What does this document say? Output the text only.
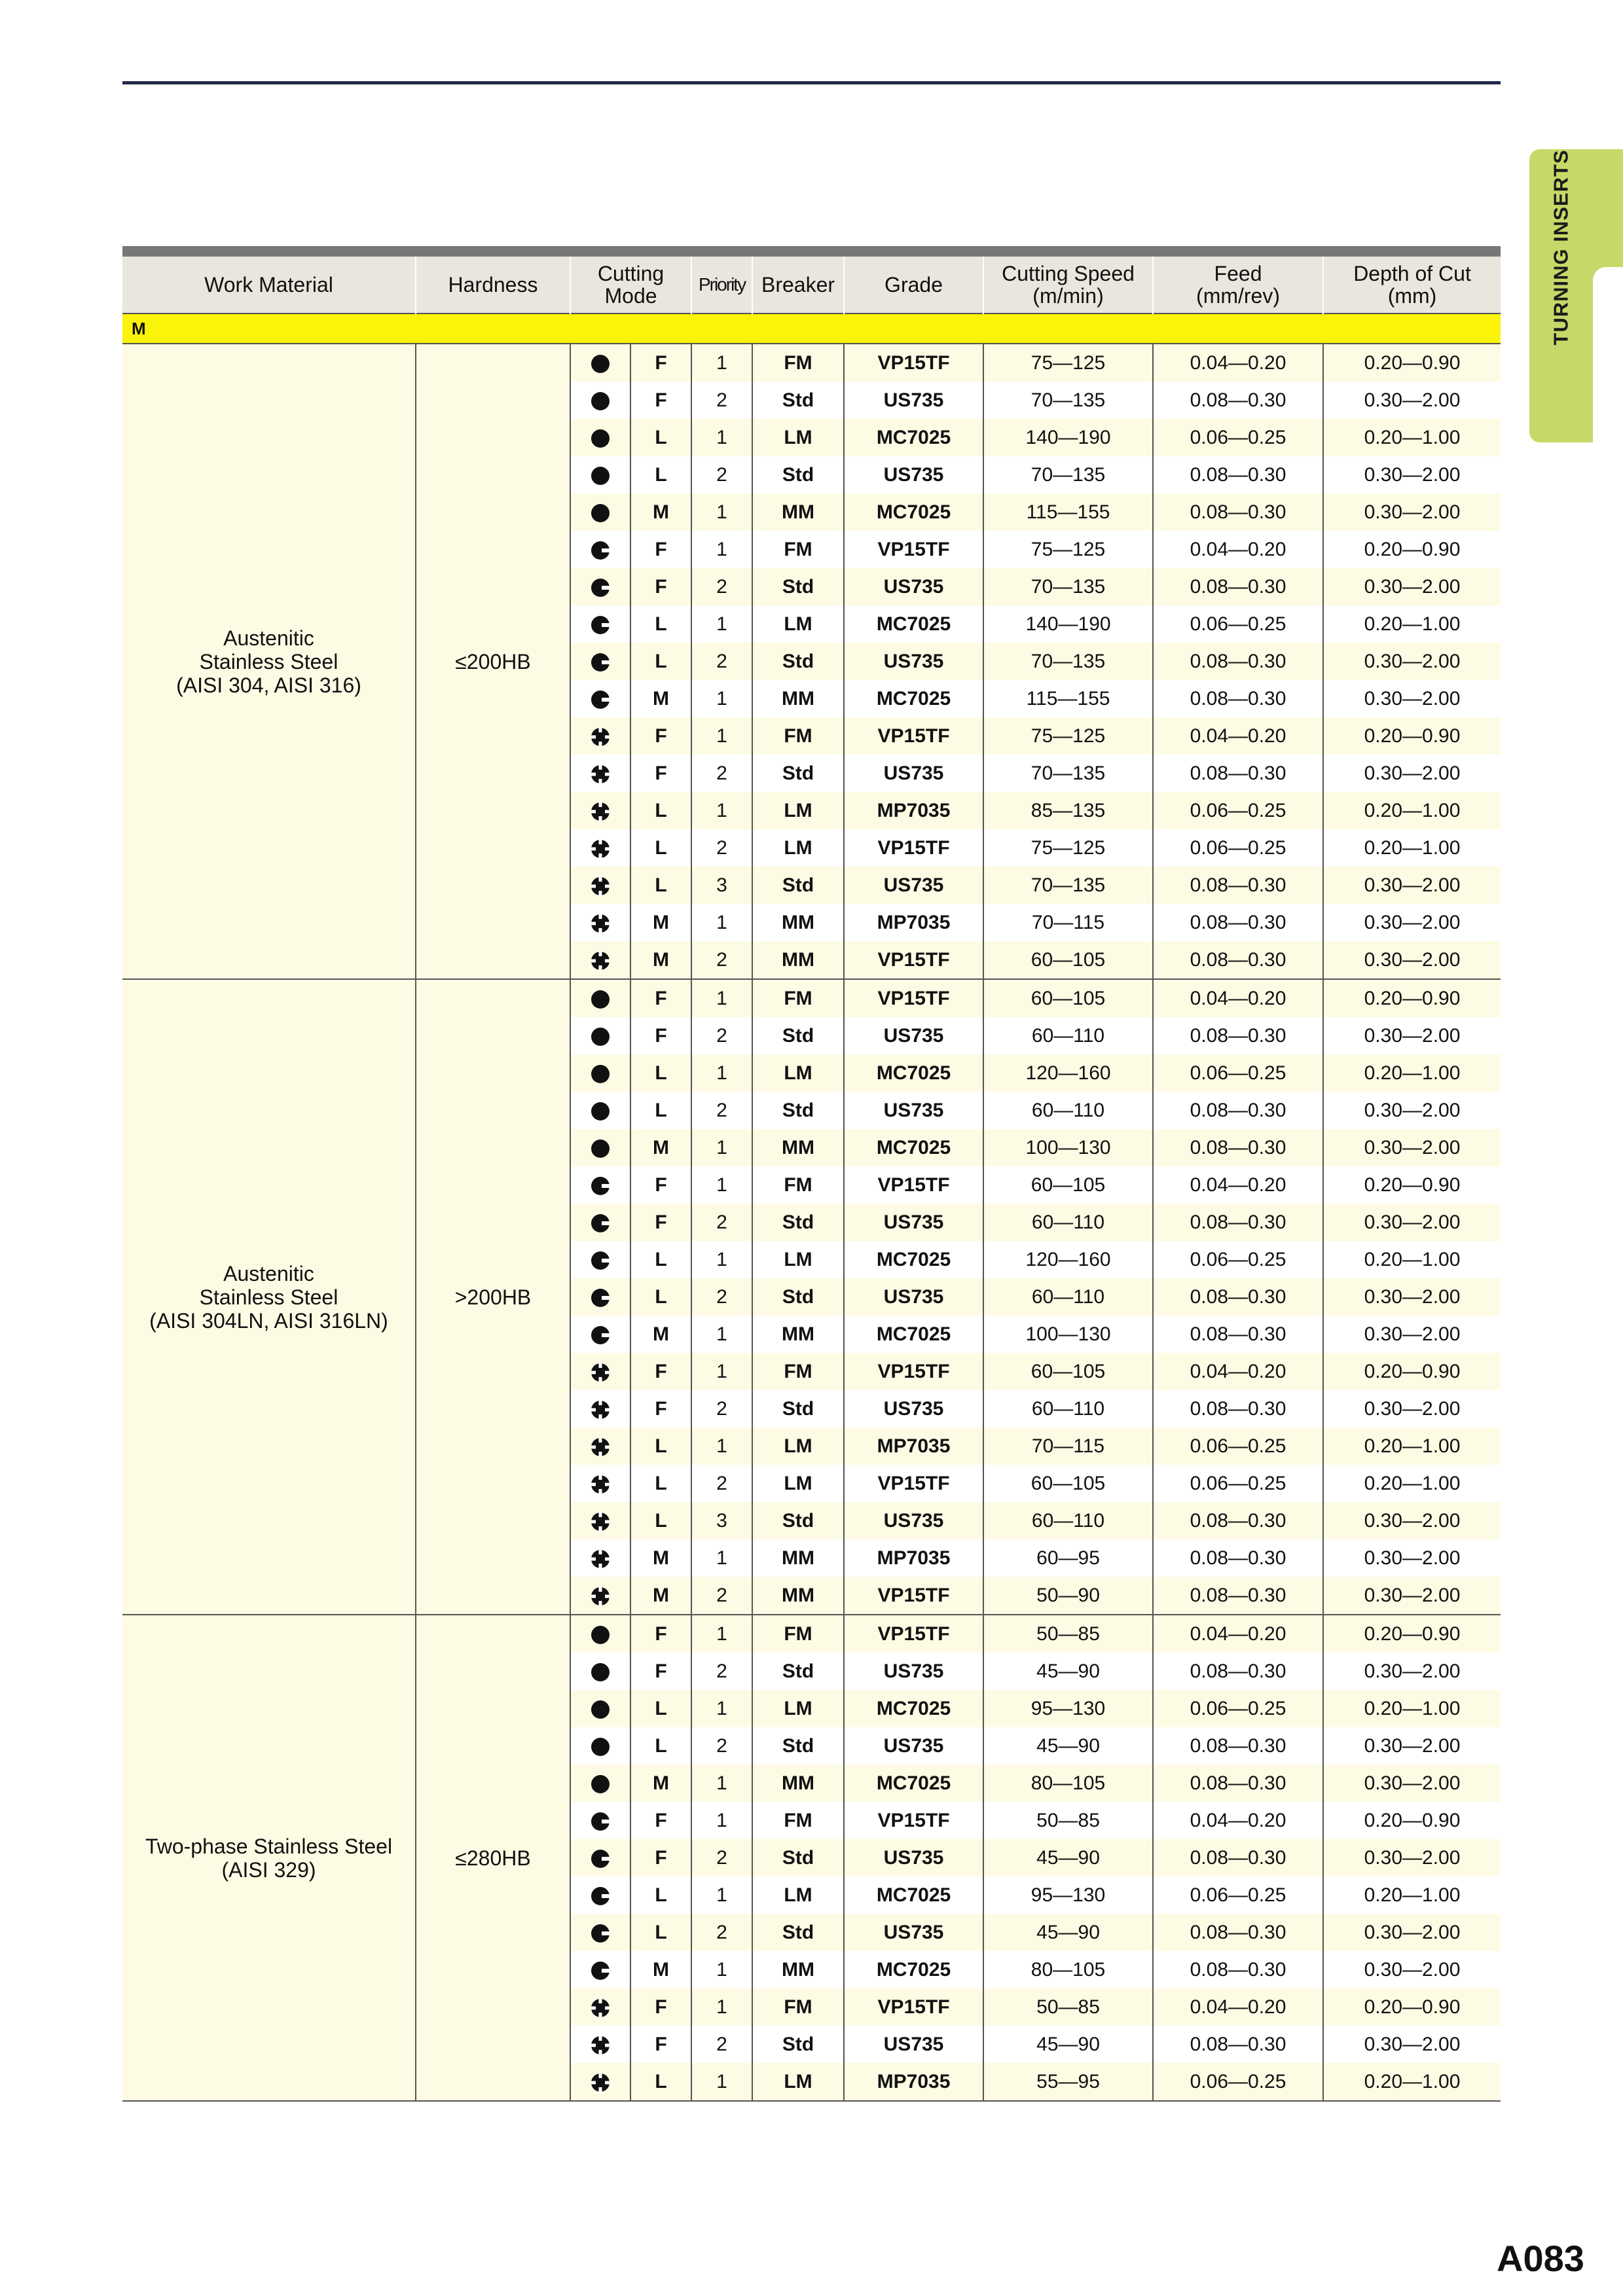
TURNING INSERTS
Work Material	Hardness	Cutting
Mode		Priority	Breaker	Grade	Cutting Speed
(m/min)	Feed
(mm/rev)	Depth of Cut
(mm)
M									
Austenitic
Stainless Steel
(AISI 304, AISI 316)	≤200HB		F	1	FM	VP15TF	75—125	0.04—0.20	0.20—0.90
	F	2	Std	US735	70—135	0.08—0.30	0.30—2.00
	L	1	LM	MC7025	140—190	0.06—0.25	0.20—1.00
	L	2	Std	US735	70—135	0.08—0.30	0.30—2.00
	M	1	MM	MC7025	115—155	0.08—0.30	0.30—2.00
	F	1	FM	VP15TF	75—125	0.04—0.20	0.20—0.90
	F	2	Std	US735	70—135	0.08—0.30	0.30—2.00
	L	1	LM	MC7025	140—190	0.06—0.25	0.20—1.00
	L	2	Std	US735	70—135	0.08—0.30	0.30—2.00
	M	1	MM	MC7025	115—155	0.08—0.30	0.30—2.00
	F	1	FM	VP15TF	75—125	0.04—0.20	0.20—0.90
	F	2	Std	US735	70—135	0.08—0.30	0.30—2.00
	L	1	LM	MP7035	85—135	0.06—0.25	0.20—1.00
	L	2	LM	VP15TF	75—125	0.06—0.25	0.20—1.00
	L	3	Std	US735	70—135	0.08—0.30	0.30—2.00
	M	1	MM	MP7035	70—115	0.08—0.30	0.30—2.00
	M	2	MM	VP15TF	60—105	0.08—0.30	0.30—2.00
Austenitic
Stainless Steel
(AISI 304LN, AISI 316LN)	>200HB		F	1	FM	VP15TF	60—105	0.04—0.20	0.20—0.90
	F	2	Std	US735	60—110	0.08—0.30	0.30—2.00
	L	1	LM	MC7025	120—160	0.06—0.25	0.20—1.00
	L	2	Std	US735	60—110	0.08—0.30	0.30—2.00
	M	1	MM	MC7025	100—130	0.08—0.30	0.30—2.00
	F	1	FM	VP15TF	60—105	0.04—0.20	0.20—0.90
	F	2	Std	US735	60—110	0.08—0.30	0.30—2.00
	L	1	LM	MC7025	120—160	0.06—0.25	0.20—1.00
	L	2	Std	US735	60—110	0.08—0.30	0.30—2.00
	M	1	MM	MC7025	100—130	0.08—0.30	0.30—2.00
	F	1	FM	VP15TF	60—105	0.04—0.20	0.20—0.90
	F	2	Std	US735	60—110	0.08—0.30	0.30—2.00
	L	1	LM	MP7035	70—115	0.06—0.25	0.20—1.00
	L	2	LM	VP15TF	60—105	0.06—0.25	0.20—1.00
	L	3	Std	US735	60—110	0.08—0.30	0.30—2.00
	M	1	MM	MP7035	60—95	0.08—0.30	0.30—2.00
	M	2	MM	VP15TF	50—90	0.08—0.30	0.30—2.00
Two-phase Stainless Steel
(AISI 329)	≤280HB		F	1	FM	VP15TF	50—85	0.04—0.20	0.20—0.90
	F	2	Std	US735	45—90	0.08—0.30	0.30—2.00
	L	1	LM	MC7025	95—130	0.06—0.25	0.20—1.00
	L	2	Std	US735	45—90	0.08—0.30	0.30—2.00
	M	1	MM	MC7025	80—105	0.08—0.30	0.30—2.00
	F	1	FM	VP15TF	50—85	0.04—0.20	0.20—0.90
	F	2	Std	US735	45—90	0.08—0.30	0.30—2.00
	L	1	LM	MC7025	95—130	0.06—0.25	0.20—1.00
	L	2	Std	US735	45—90	0.08—0.30	0.30—2.00
	M	1	MM	MC7025	80—105	0.08—0.30	0.30—2.00
	F	1	FM	VP15TF	50—85	0.04—0.20	0.20—0.90
	F	2	Std	US735	45—90	0.08—0.30	0.30—2.00
	L	1	LM	MP7035	55—95	0.06—0.25	0.20—1.00
A083
